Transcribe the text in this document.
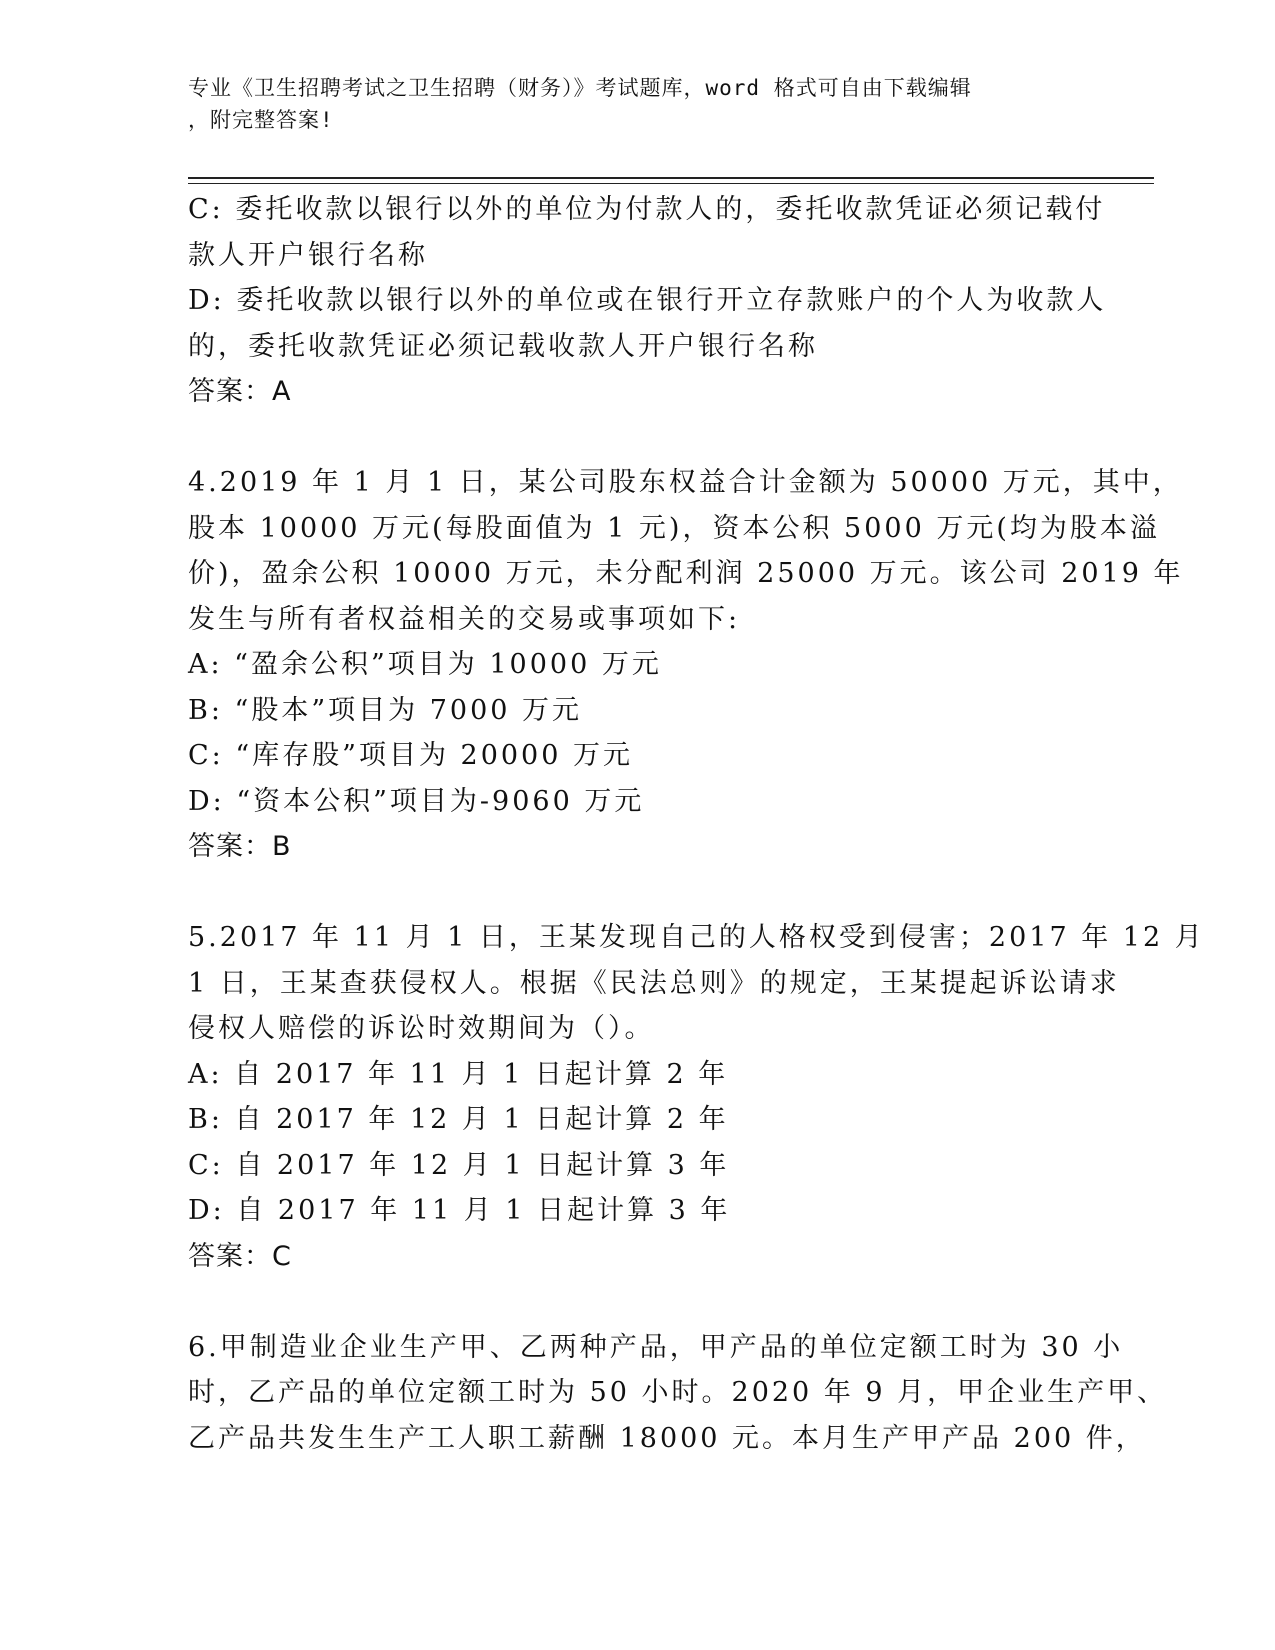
专业《卫生招聘考试之卫生招聘（财务）》考试题库，word 格式可自由下载编辑
，附完整答案!
C: 委托收款以银行以外的单位为付款人的，委托收款凭证必须记载付
款人开户银行名称
D: 委托收款以银行以外的单位或在银行开立存款账户的个人为收款人
的，委托收款凭证必须记载收款人开户银行名称
答案：A
4.2019 年 1 月 1 日，某公司股东权益合计金额为 50000 万元，其中，
股本 10000 万元(每股面值为 1 元)，资本公积 5000 万元(均为股本溢
价)，盈余公积 10000 万元，未分配利润 25000 万元。该公司 2019 年
发生与所有者权益相关的交易或事项如下:
A: “盈余公积”项目为 10000 万元
B: “股本”项目为 7000 万元
C: “库存股”项目为 20000 万元
D: “资本公积”项目为-9060 万元
答案：B
5.2017 年 11 月 1 日，王某发现自己的人格权受到侵害；2017 年 12 月
1 日，王某查获侵权人。根据《民法总则》的规定，王某提起诉讼请求
侵权人赔偿的诉讼时效期间为（）。
A: 自 2017 年 11 月 1 日起计算 2 年
B: 自 2017 年 12 月 1 日起计算 2 年
C: 自 2017 年 12 月 1 日起计算 3 年
D: 自 2017 年 11 月 1 日起计算 3 年
答案：C
6.甲制造业企业生产甲、乙两种产品，甲产品的单位定额工时为 30 小
时，乙产品的单位定额工时为 50 小时。2020 年 9 月，甲企业生产甲、
乙产品共发生生产工人职工薪酬 18000 元。本月生产甲产品 200 件，
